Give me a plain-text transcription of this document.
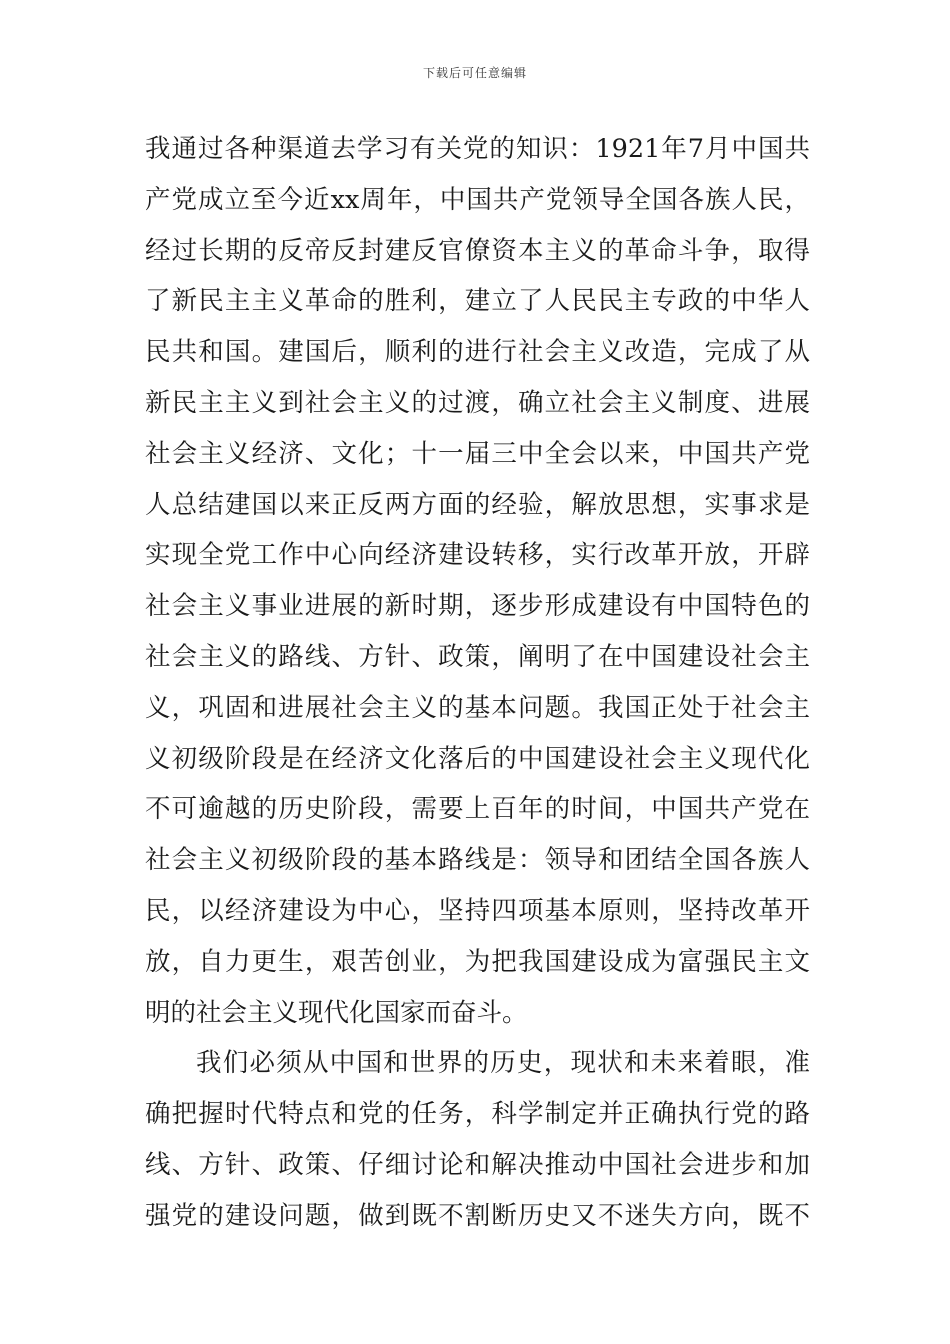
下载后可任意编辑
我通过各种渠道去学习有关党的知识：1921年7月中国共
产党成立至今近xx周年，中国共产党领导全国各族人民，
经过长期的反帝反封建反官僚资本主义的革命斗争，取得
了新民主主义革命的胜利，建立了人民民主专政的中华人
民共和国。建国后，顺利的进行社会主义改造，完成了从
新民主主义到社会主义的过渡，确立社会主义制度、进展
社会主义经济、文化；十一届三中全会以来，中国共产党
人总结建国以来正反两方面的经验，解放思想，实事求是
实现全党工作中心向经济建设转移，实行改革开放，开辟
社会主义事业进展的新时期，逐步形成建设有中国特色的
社会主义的路线、方针、政策，阐明了在中国建设社会主
义，巩固和进展社会主义的基本问题。我国正处于社会主
义初级阶段是在经济文化落后的中国建设社会主义现代化
不可逾越的历史阶段，需要上百年的时间，中国共产党在
社会主义初级阶段的基本路线是：领导和团结全国各族人
民，以经济建设为中心，坚持四项基本原则，坚持改革开
放，自力更生，艰苦创业，为把我国建设成为富强民主文
明的社会主义现代化国家而奋斗。
我们必须从中国和世界的历史，现状和未来着眼，准
确把握时代特点和党的任务，科学制定并正确执行党的路
线、方针、政策、仔细讨论和解决推动中国社会进步和加
强党的建设问题，做到既不割断历史又不迷失方向，既不
